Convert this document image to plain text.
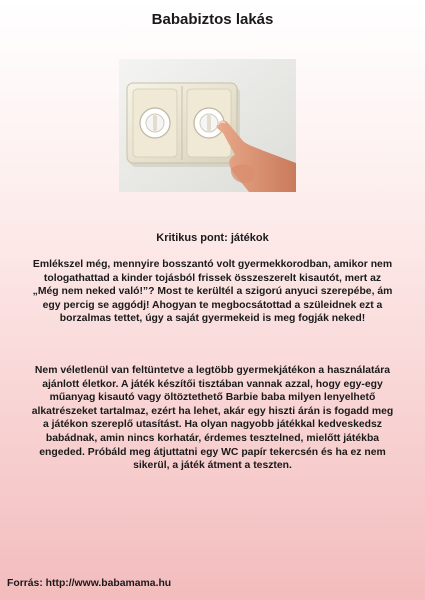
Bababiztos lakás
Kritikus pont: játékok

Emlékszel még, mennyire bosszantó volt gyermekkorodban, amikor nem tologathattad a kinder tojásból frissek összeszerelt kisautót, mert az „Még nem neked való!”? Most te kerültél a szigorú anyuci szerepébe, ám egy percig se aggódj! Ahogyan te megbocsátottad a szüleidnek ezt a borzalmas tettet, úgy a saját gyermekeid is meg fogják neked!

Nem véletlenül van feltüntetve a legtöbb gyermekjátékon a használatára ajánlott életkor. A játék készítői tisztában vannak azzal, hogy egy-egy műanyag kisautó vagy öltöztethető Barbie baba milyen lenyelhető alkatrészeket tartalmaz, ezért ha lehet, akár egy hiszti árán is fogadd meg a játékon szereplő utasítást. Ha olyan nagyobb játékkal kedveskedsz babádnak, amin nincs korhatár, érdemes tesztelned, mielőtt játékba engeded. Próbáld meg átjuttatni egy WC papír tekercsén és ha ez nem sikerül, a játék átment a teszten.

Forrás: http://www.babamama.hu
